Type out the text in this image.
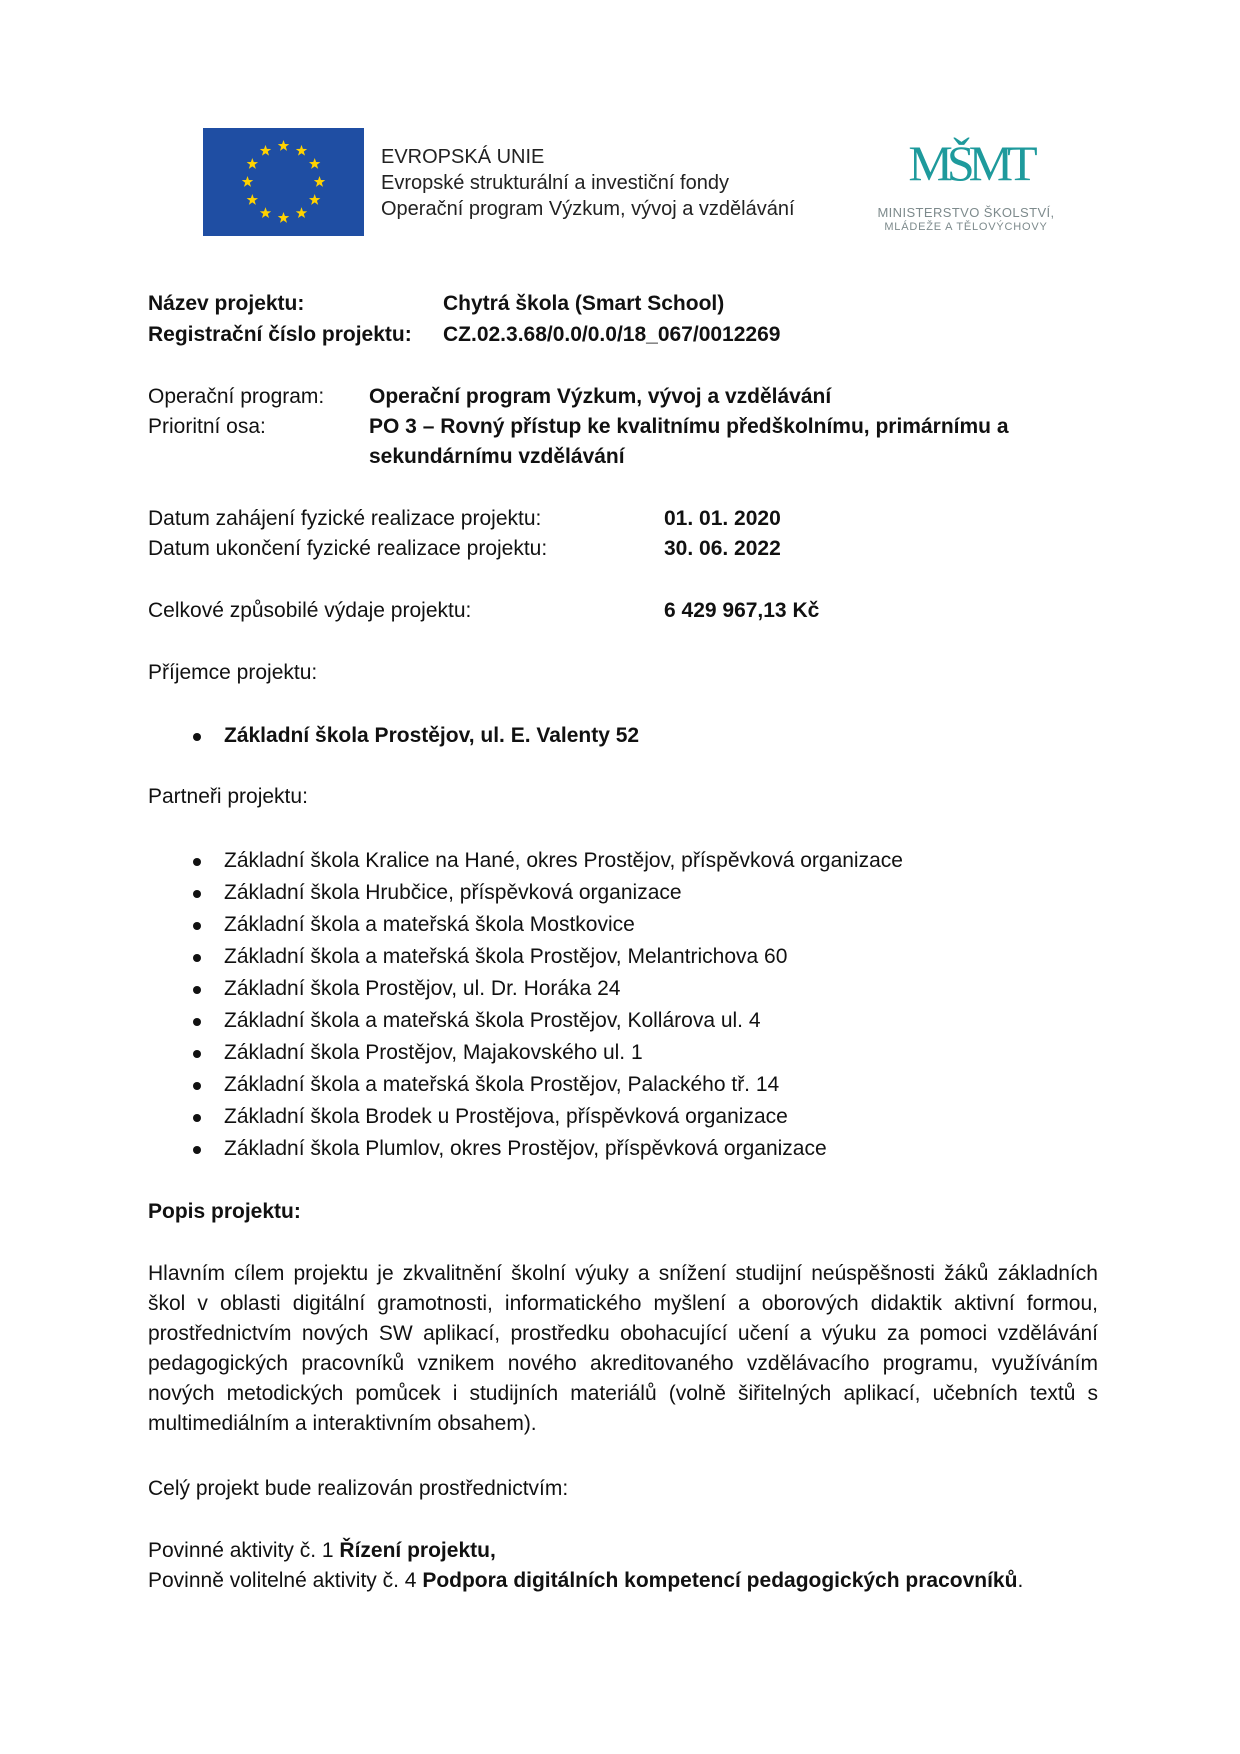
EVROPSKÁ UNIE
Evropské strukturální a investiční fondy
Operační program Výzkum, vývoj a vzdělávání
MŠMT
MINISTERSTVO ŠKOLSTVÍ,
MLÁDEŽE A TĚLOVÝCHOVY
Název projektu:	Chytrá škola (Smart School)
Registrační číslo projektu: CZ.02.3.68/0.0/0.0/18_067/0012269
Operační program: Operační program Výzkum, vývoj a vzdělávání
Prioritní osa:	PO 3 – Rovný přístup ke kvalitnímu předškolnímu, primárnímu a
sekundárnímu vzdělávání
Datum zahájení fyzické realizace projektu:	01. 01. 2020
Datum ukončení fyzické realizace projektu:	30. 06. 2022
Celkové způsobilé výdaje projektu:	6 429 967,13 Kč
Příjemce projektu:
Základní škola Prostějov, ul. E. Valenty 52
Partneři projektu:
Základní škola Kralice na Hané, okres Prostějov, příspěvková organizace
Základní škola Hrubčice, příspěvková organizace
Základní škola a mateřská škola Mostkovice
Základní škola a mateřská škola Prostějov, Melantrichova 60
Základní škola Prostějov, ul. Dr. Horáka 24
Základní škola a mateřská škola Prostějov, Kollárova ul. 4
Základní škola Prostějov, Majakovského ul. 1
Základní škola a mateřská škola Prostějov, Palackého tř. 14
Základní škola Brodek u Prostějova, příspěvková organizace
Základní škola Plumlov, okres Prostějov, příspěvková organizace
Popis projektu:
Hlavním cílem projektu je zkvalitnění školní výuky a snížení studijní neúspěšnosti žáků základních škol v oblasti digitální gramotnosti, informatického myšlení a oborových didaktik aktivní formou, prostřednictvím nových SW aplikací, prostředku obohacující učení a výuku za pomoci vzdělávání pedagogických pracovníků vznikem nového akreditovaného vzdělávacího programu, využíváním nových metodických pomůcek i studijních materiálů (volně šiřitelných aplikací, učebních textů s multimediálním a interaktivním obsahem).
Celý projekt bude realizován prostřednictvím:
Povinné aktivity č. 1 Řízení projektu,
Povinně volitelné aktivity č. 4 Podpora digitálních kompetencí pedagogických pracovníků.
